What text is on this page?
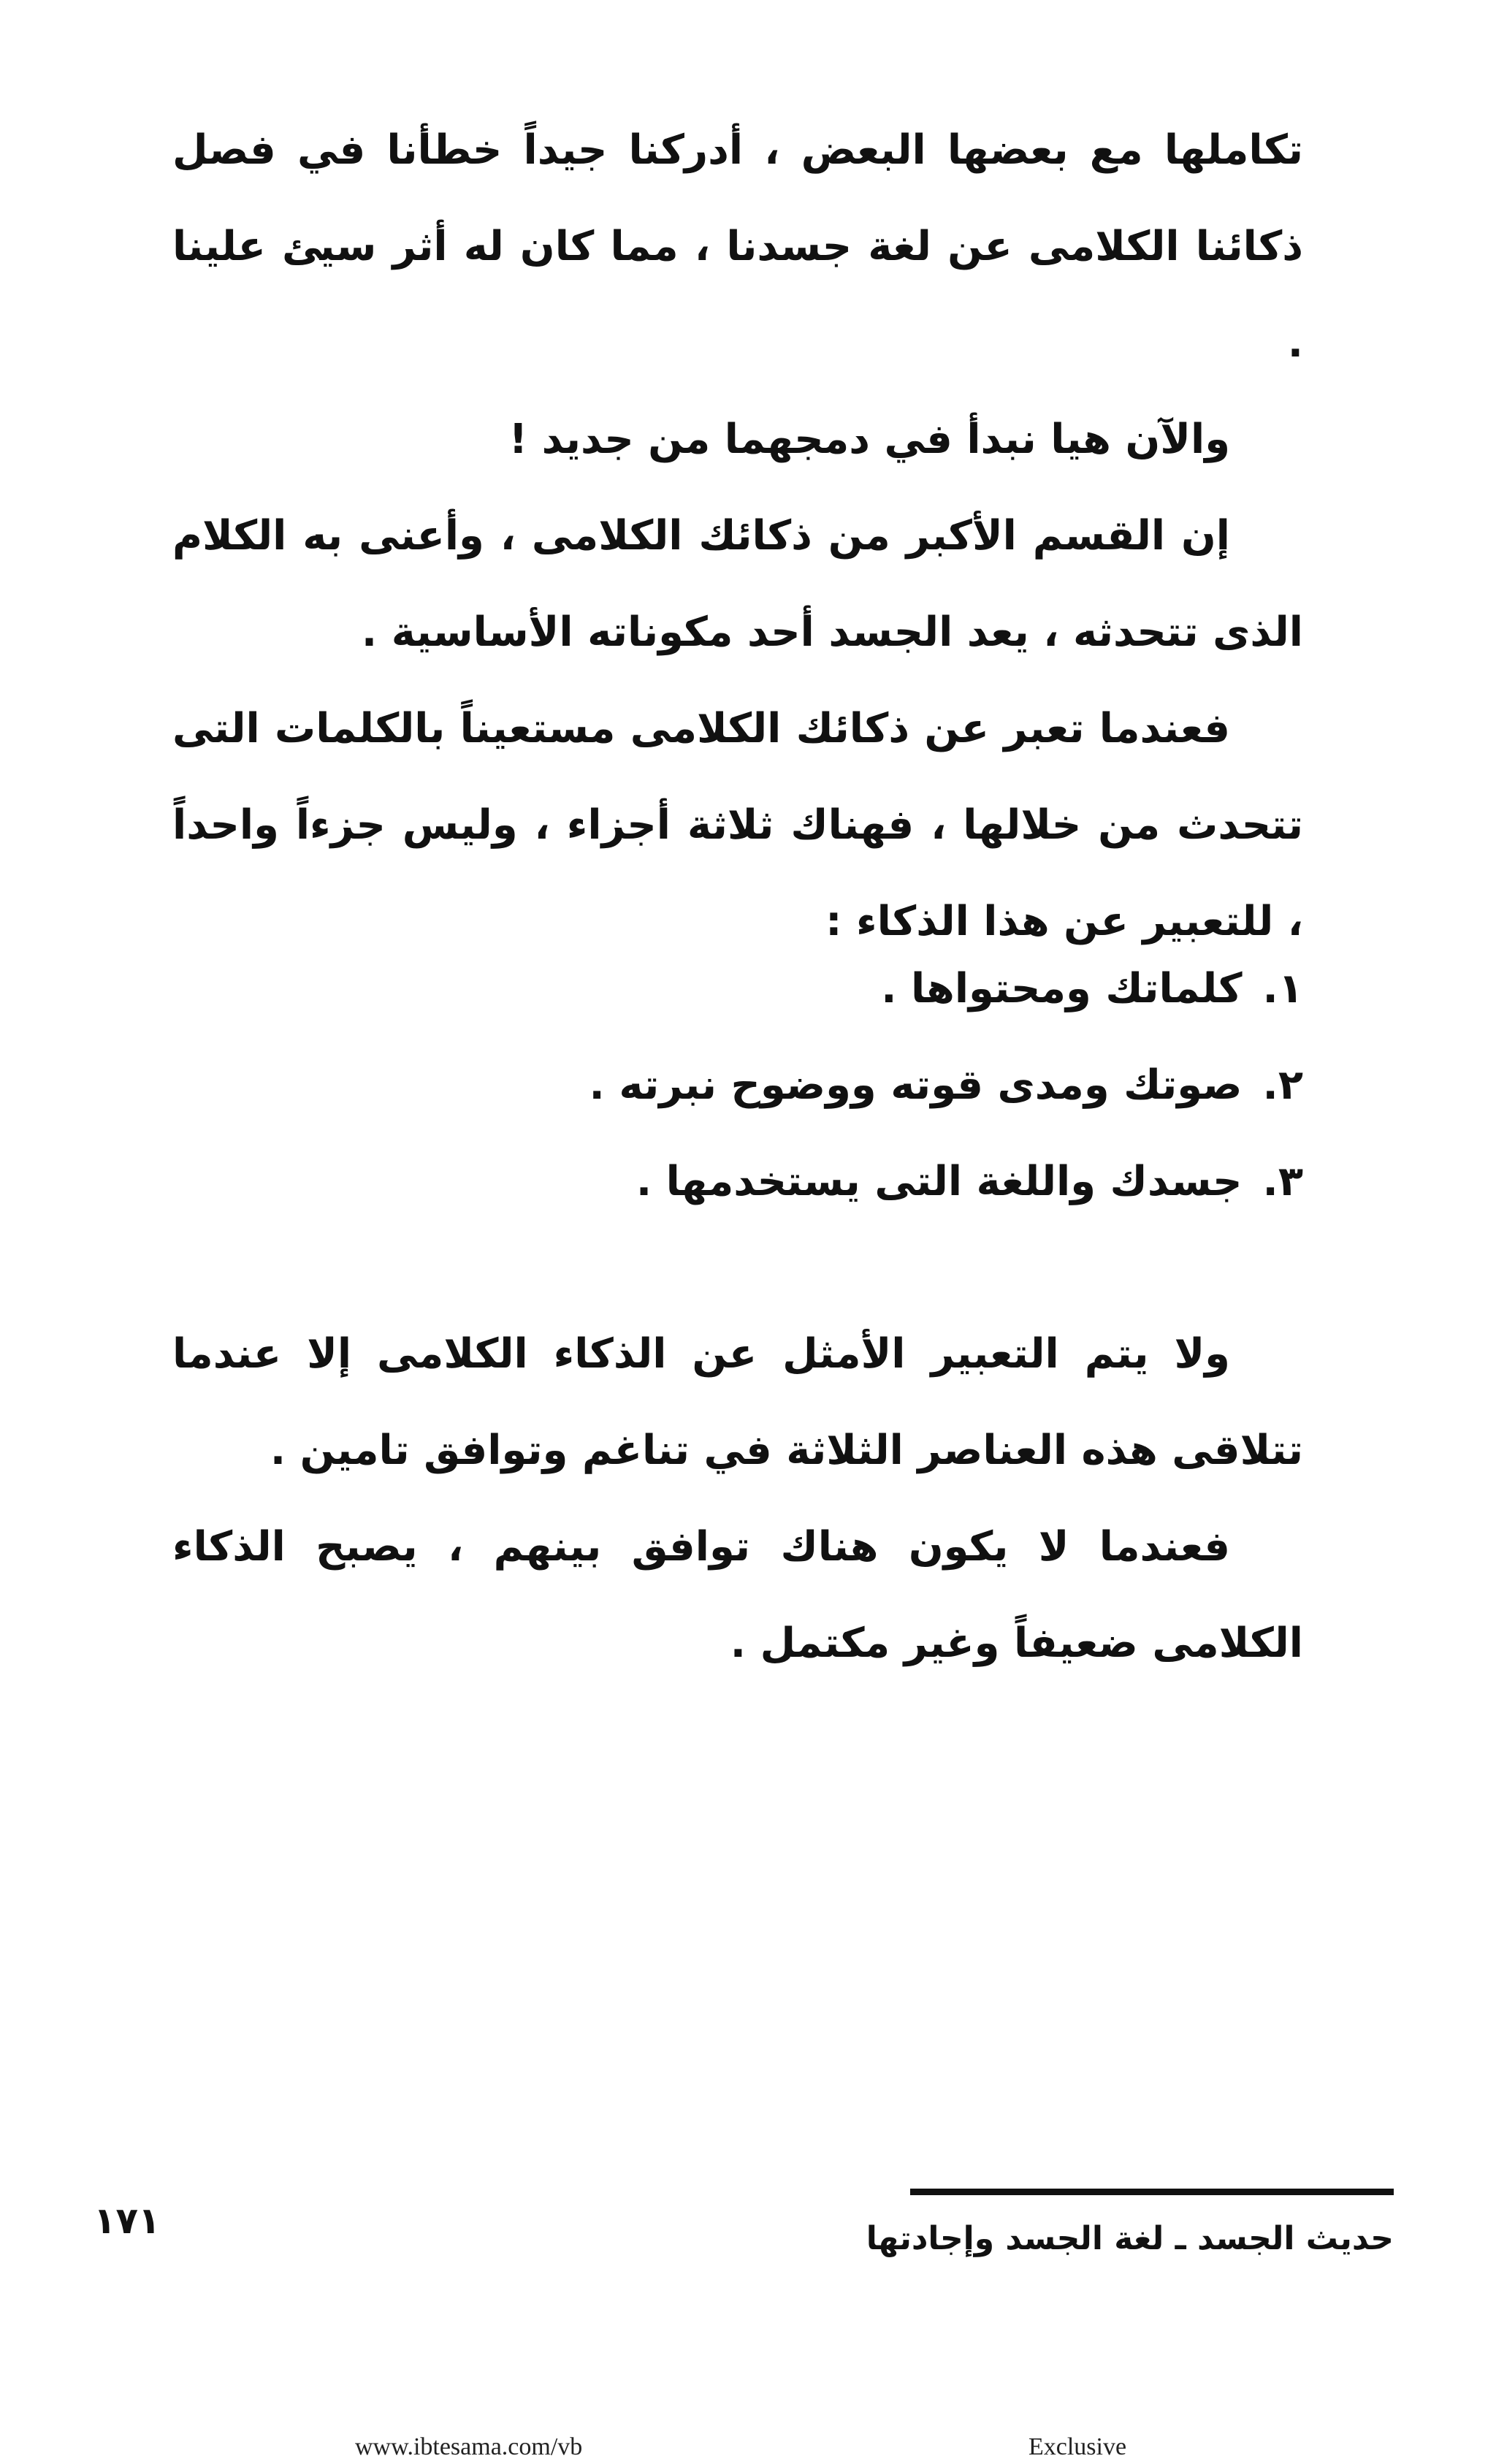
تكاملها مع بعضها البعض ، أدركنا جيداً خطأنا في فصل ذكائنا الكلامى عن لغة جسدنا ، مما كان له أثر سيئ علينا .

والآن هيا نبدأ في دمجهما من جديد !

إن القسم الأكبر من ذكائك الكلامى ، وأعنى به الكلام الذى تتحدثه ، يعد الجسد أحد مكوناته الأساسية .

فعندما تعبر عن ذكائك الكلامى مستعيناً بالكلمات التى تتحدث من خلالها ، فهناك ثلاثة أجزاء ، وليس جزءاً واحداً ، للتعبير عن هذا الذكاء :

١.
كلماتك ومحتواها .
٢.
صوتك ومدى قوته ووضوح نبرته .
٣.
جسدك واللغة التى يستخدمها .

ولا يتم التعبير الأمثل عن الذكاء الكلامى إلا عندما تتلاقى هذه العناصر الثلاثة في تناغم وتوافق تامين .

فعندما لا يكون هناك توافق بينهم ، يصبح الذكاء الكلامى ضعيفاً وغير مكتمل .

حديث الجسد ـ لغة الجسد وإجادتها
١٧١
www.ibtesama.com/vb	Exclusive
